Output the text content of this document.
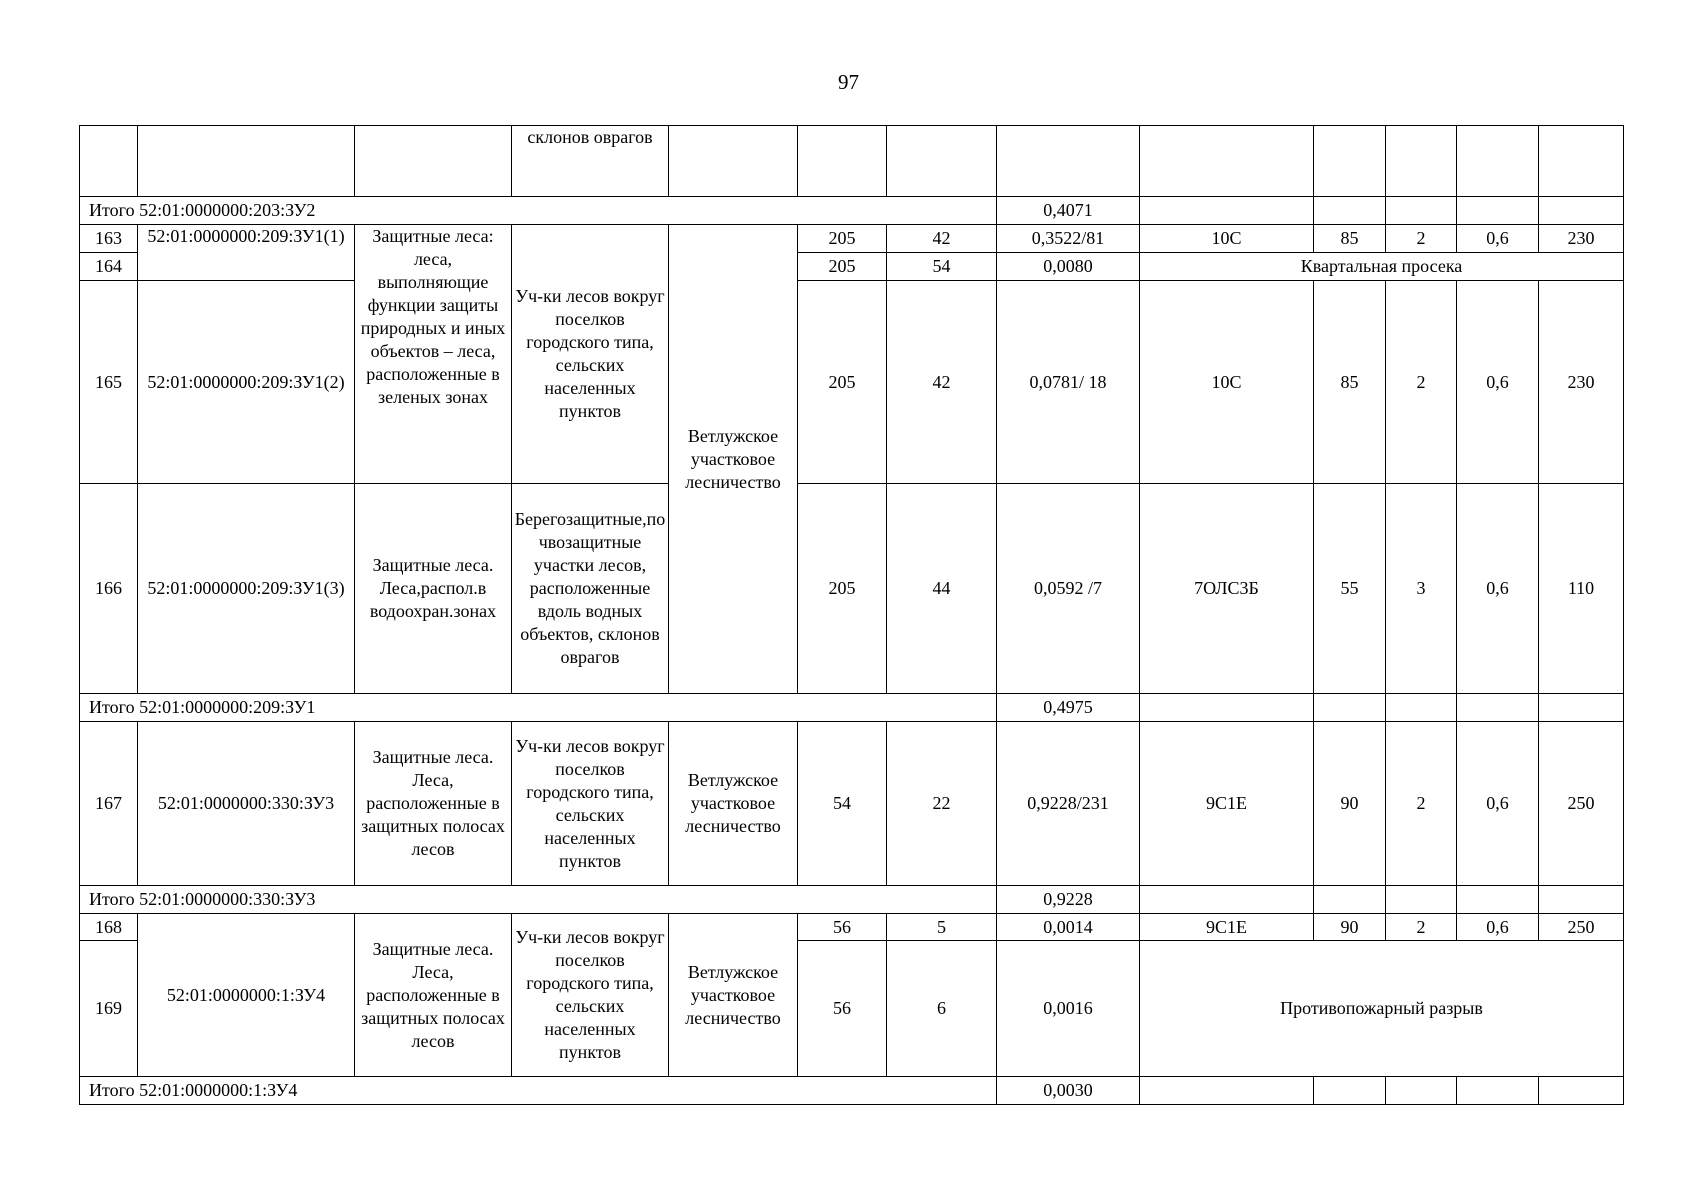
97
			склонов оврагов									
Итого 52:01:0000000:203:ЗУ2							0,4071					
163	52:01:0000000:209:ЗУ1(1)	Защитные леса: леса, выполняющие функции защиты природных и иных объектов – леса, расположенные в зеленых зонах	Уч-ки лесов вокруг поселков городского типа, сельских населенных пунктов	Ветлужское участковое лесничество	205	42	0,3522/81	10С	85	2	0,6	230
164					205	54	0,0080	Квартальная просека				
165	52:01:0000000:209:ЗУ1(2)				205	42	0,0781/ 18	10С	85	2	0,6	230
166	52:01:0000000:209:ЗУ1(3)	Защитные леса. Леса,распол.в водоохран.зонах	Берегозащитные,почвозащитные участки лесов, расположенные вдоль водных объектов, склонов оврагов		205	44	0,0592 /7	7ОЛС3Б	55	3	0,6	110
Итого 52:01:0000000:209:ЗУ1							0,4975					
167	52:01:0000000:330:ЗУ3	Защитные леса. Леса, расположенные в защитных полосах лесов	Уч-ки лесов вокруг поселков городского типа, сельских населенных пунктов	Ветлужское участковое лесничество	54	22	0,9228/231	9С1Е	90	2	0,6	250
Итого 52:01:0000000:330:ЗУ3							0,9228					
168	52:01:0000000:1:ЗУ4	Защитные леса. Леса, расположенные в защитных полосах лесов	Уч-ки лесов вокруг поселков городского типа, сельских населенных пунктов	Ветлужское участковое лесничество	56	5	0,0014	9С1Е	90	2	0,6	250
169					56	6	0,0016	Противопожарный разрыв				
Итого 52:01:0000000:1:ЗУ4							0,0030					
